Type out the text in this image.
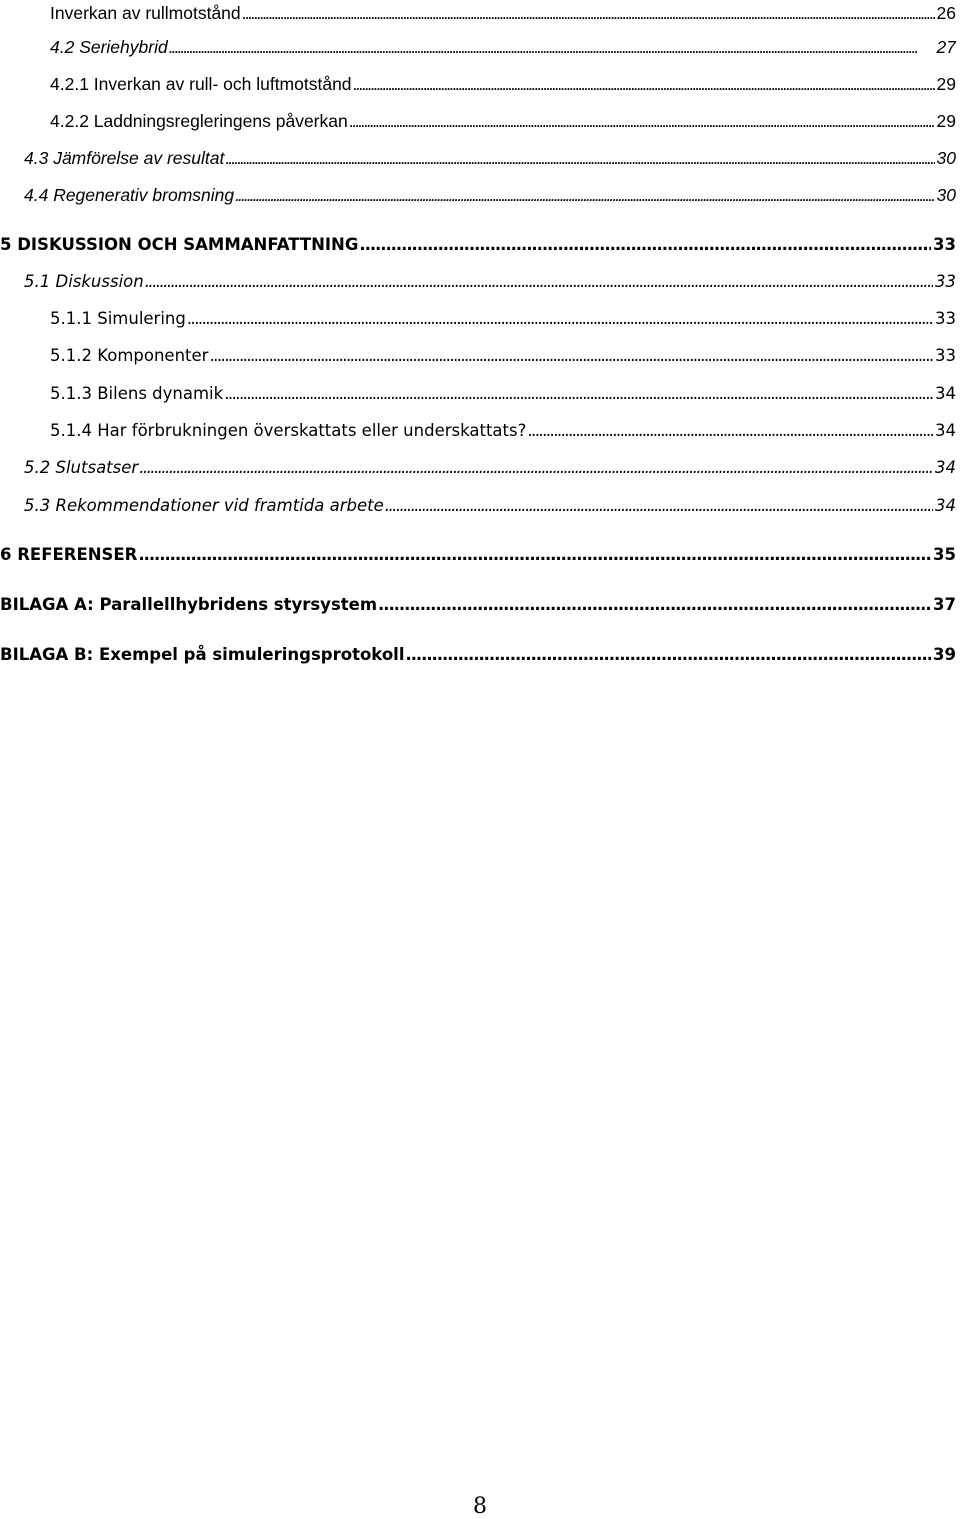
Inverkan av rullmotstånd . . .	26
4.2 Seriehybrid . . .	27
4.2.1 Inverkan av rull- och luftmotstånd . . .	29
4.2.2 Laddningsregleringens påverkan . . .	29
4.3 Jämförelse av resultat . . .	30
4.4 Regenerativ bromsning . . .	30
5 DISKUSSION OCH SAMMANFATTNING . . .	33
5.1 Diskussion . . .	33
5.1.1 Simulering . . .	33
5.1.2 Komponenter . . .	33
5.1.3 Bilens dynamik . . .	34
5.1.4 Har förbrukningen överskattats eller underskattats? . . .	34
5.2 Slutsatser . . .	34
5.3 Rekommendationer vid framtida arbete . . .	34
6 REFERENSER . . .	35
BILAGA A: Parallellhybridens styrsystem . . .	37
BILAGA B: Exempel på simuleringsprotokoll . . .	39
8
